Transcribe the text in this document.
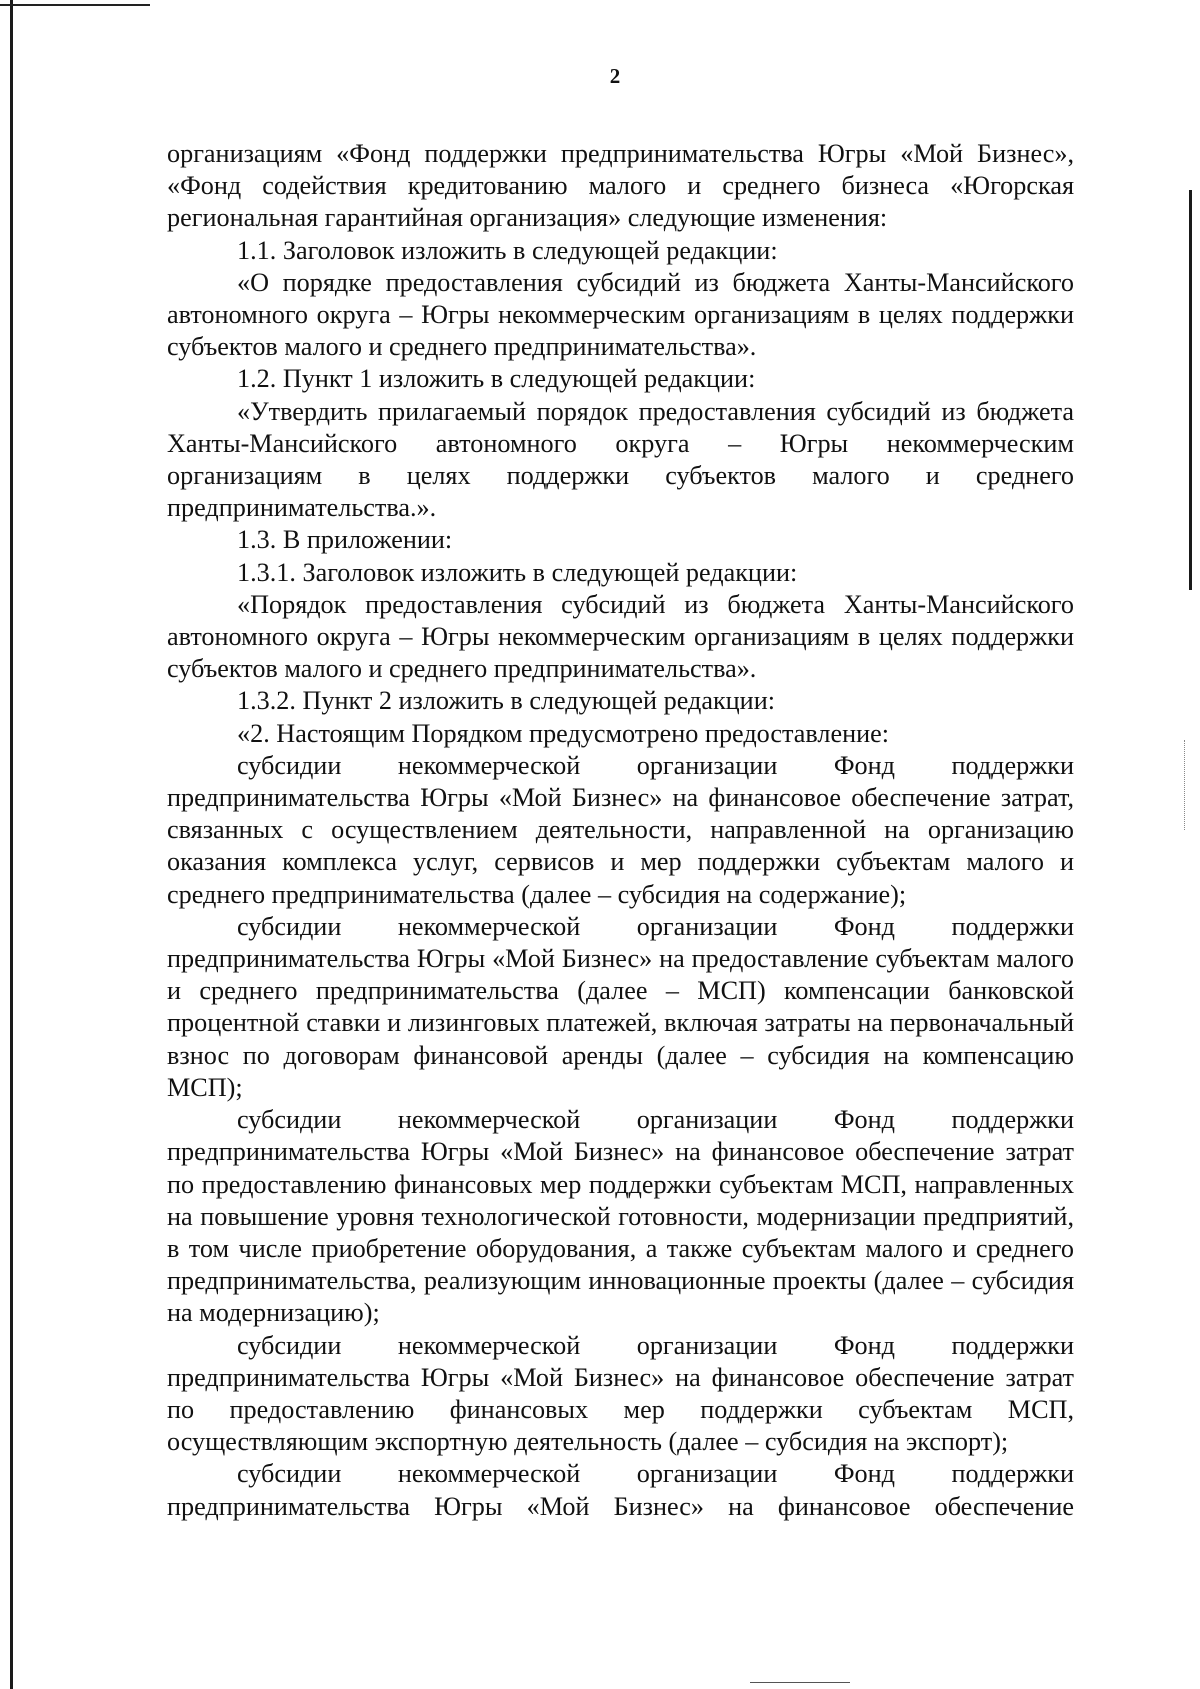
2

организациям «Фонд поддержки предпринимательства Югры «Мой Бизнес», «Фонд содействия кредитованию малого и среднего бизнеса «Югорская региональная гарантийная организация» следующие изменения:

1.1. Заголовок изложить в следующей редакции:

«О порядке предоставления субсидий из бюджета Ханты-Мансийского автономного округа – Югры некоммерческим организациям в целях поддержки субъектов малого и среднего предпринимательства».

1.2. Пункт 1 изложить в следующей редакции:

«Утвердить прилагаемый порядок предоставления субсидий из бюджета Ханты-Мансийского автономного округа – Югры некоммерческим организациям в целях поддержки субъектов малого и среднего предпринимательства.».

1.3. В приложении:

1.3.1. Заголовок изложить в следующей редакции:

«Порядок предоставления субсидий из бюджета Ханты-Мансийского автономного округа – Югры некоммерческим организациям в целях поддержки субъектов малого и среднего предпринимательства».

1.3.2. Пункт 2 изложить в следующей редакции:

«2. Настоящим Порядком предусмотрено предоставление:

субсидии некоммерческой организации Фонд поддержки предпринимательства Югры «Мой Бизнес» на финансовое обеспечение затрат, связанных с осуществлением деятельности, направленной на организацию оказания комплекса услуг, сервисов и мер поддержки субъектам малого и среднего предпринимательства (далее – субсидия на содержание);

субсидии некоммерческой организации Фонд поддержки предпринимательства Югры «Мой Бизнес» на предоставление субъектам малого и среднего предпринимательства (далее – МСП) компенсации банковской процентной ставки и лизинговых платежей, включая затраты на первоначальный взнос по договорам финансовой аренды (далее – субсидия на компенсацию МСП);

субсидии некоммерческой организации Фонд поддержки предпринимательства Югры «Мой Бизнес» на финансовое обеспечение затрат по предоставлению финансовых мер поддержки субъектам МСП, направленных на повышение уровня технологической готовности, модернизации предприятий, в том числе приобретение оборудования, а также субъектам малого и среднего предпринимательства, реализующим инновационные проекты (далее – субсидия на модернизацию);

субсидии некоммерческой организации Фонд поддержки предпринимательства Югры «Мой Бизнес» на финансовое обеспечение затрат по предоставлению финансовых мер поддержки субъектам МСП, осуществляющим экспортную деятельность (далее – субсидия на экспорт);

субсидии некоммерческой организации Фонд поддержки предпринимательства Югры «Мой Бизнес» на финансовое обеспечение
